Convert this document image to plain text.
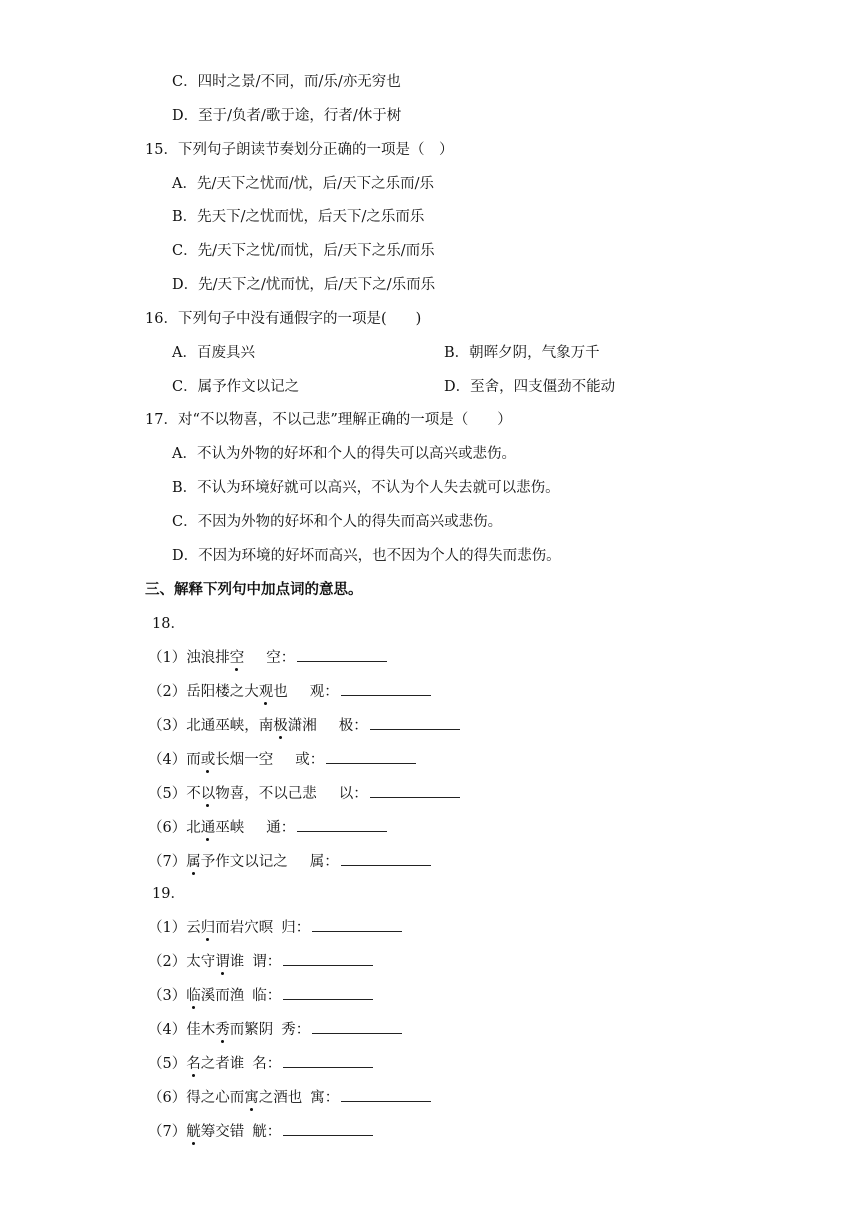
C．四时之景/不同，而/乐/亦无穷也
D．至于/负者/歌于途，行者/休于树
15．下列句子朗读节奏划分正确的一项是（　）
A．先/天下之忧而/忧，后/天下之乐而/乐
B．先天下/之忧而忧，后天下/之乐而乐
C．先/天下之忧/而忧，后/天下之乐/而乐
D．先/天下之/忧而忧，后/天下之/乐而乐
16．下列句子中没有通假字的一项是(　　)
A．百废具兴	B．朝晖夕阴，气象万千
C．属予作文以记之	D．至舍，四支僵劲不能动
17．对“不以物喜，不以己悲”理解正确的一项是（　　）
A．不认为外物的好坏和个人的得失可以高兴或悲伤。
B．不认为环境好就可以高兴，不认为个人失去就可以悲伤。
C．不因为外物的好坏和个人的得失而高兴或悲伤。
D．不因为环境的好坏而高兴，也不因为个人的得失而悲伤。
三、解释下列句中加点词的意思。
18．
（1）浊浪排空 空：
（2）岳阳楼之大观也 观：
（3）北通巫峡，南极潇湘 极：
（4）而或长烟一空 或：
（5）不以物喜，不以己悲 以：
（6）北通巫峡 通：
（7）属予作文以记之 属：
19．
（1）云归而岩穴暝 归：
（2）太守谓谁 谓：
（3）临溪而渔 临：
（4）佳木秀而繁阴 秀：
（5）名之者谁 名：
（6）得之心而寓之酒也 寓：
（7）觥筹交错 觥：
